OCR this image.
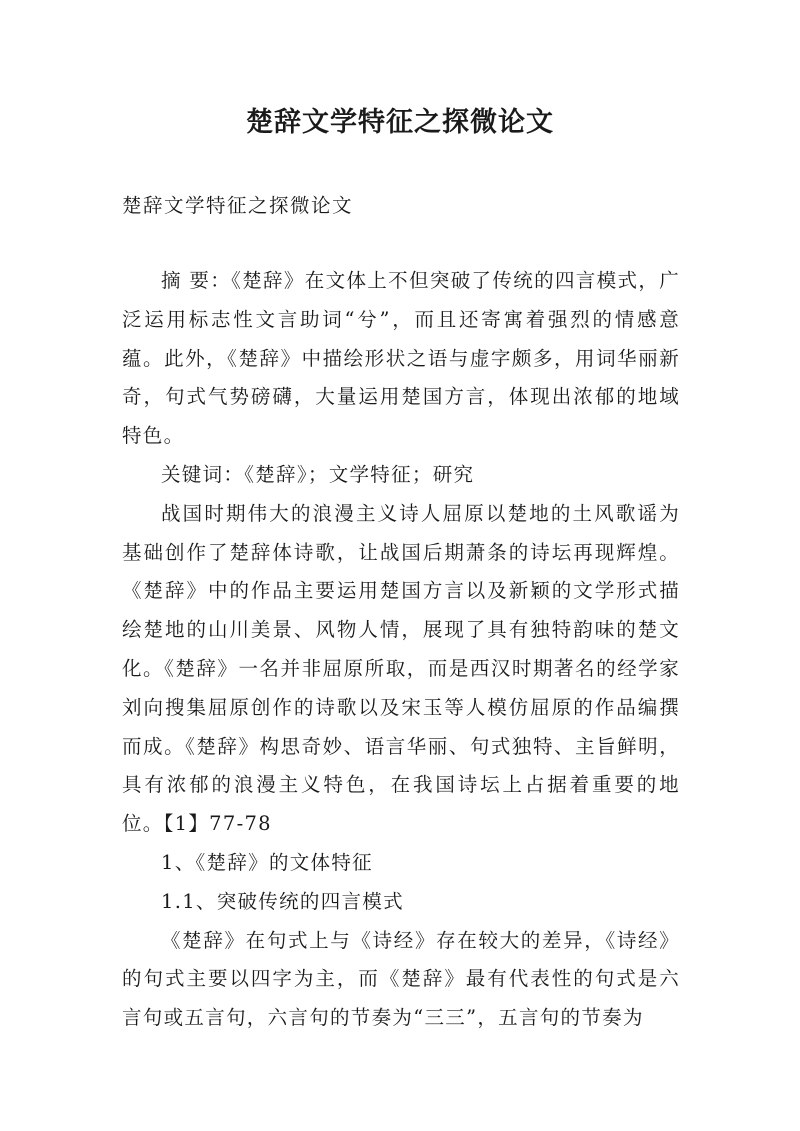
楚辞文学特征之探微论文
楚辞文学特征之探微论文

摘 要：《楚辞》在文体上不但突破了传统的四言模式，广泛运用标志性文言助词“兮”，而且还寄寓着强烈的情感意蕴。此外，《楚辞》中描绘形状之语与虚字颇多，用词华丽新奇，句式气势磅礴，大量运用楚国方言，体现出浓郁的地域特色。

关键词：《楚辞》；文学特征；研究

战国时期伟大的浪漫主义诗人屈原以楚地的土风歌谣为基础创作了楚辞体诗歌，让战国后期萧条的诗坛再现辉煌。《楚辞》中的作品主要运用楚国方言以及新颖的文学形式描绘楚地的山川美景、风物人情，展现了具有独特韵味的楚文化。《楚辞》一名并非屈原所取，而是西汉时期著名的经学家刘向搜集屈原创作的诗歌以及宋玉等人模仿屈原的作品编撰而成。《楚辞》构思奇妙、语言华丽、句式独特、主旨鲜明，具有浓郁的浪漫主义特色，在我国诗坛上占据着重要的地位。【1】77-78

1、《楚辞》的文体特征

1.1、突破传统的四言模式

《楚辞》在句式上与《诗经》存在较大的差异，《诗经》的句式主要以四字为主，而《楚辞》最有代表性的句式是六言句或五言句，六言句的节奏为“三三”，五言句的节奏为
